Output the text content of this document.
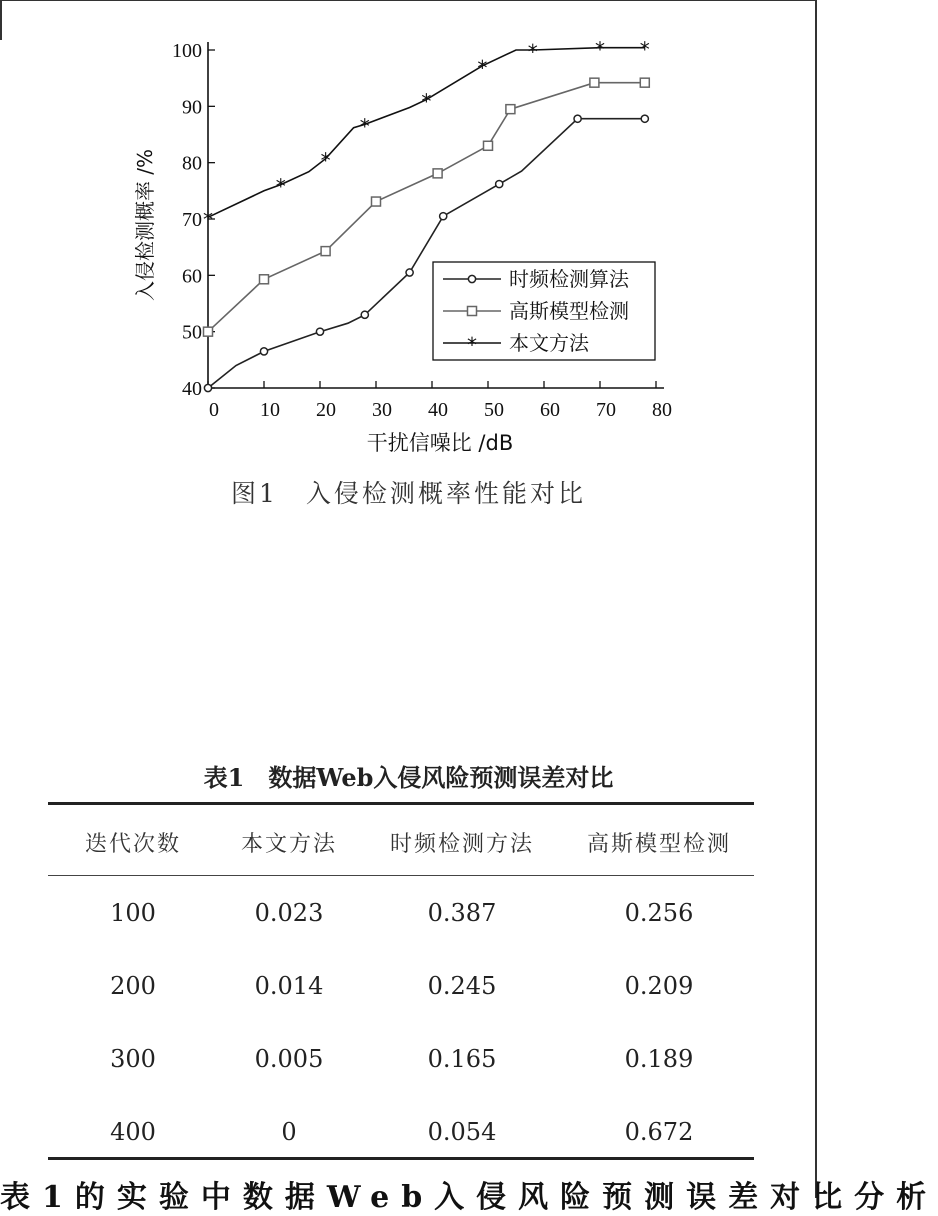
40
50
60
70
80
90
100
0 10 20 30 40 50 60 70 80
干扰信噪比 /dB
入侵检测概率 /% *
*
*
*
*
*
*	* *
时频检测算法
高斯模型检测
* 本文方法
图1　入侵检测概率性能对比
表1　数据Web入侵风险预测误差对比
迭代次数	本文方法	时频检测方法	高斯模型检测
100	0.023	0.387	0.256
200	0.014	0.245	0.209
300	0.005	0.165	0.189
400	0	0.054	0.672
表1的实验中数据Web入侵风险预测误差对比分析
